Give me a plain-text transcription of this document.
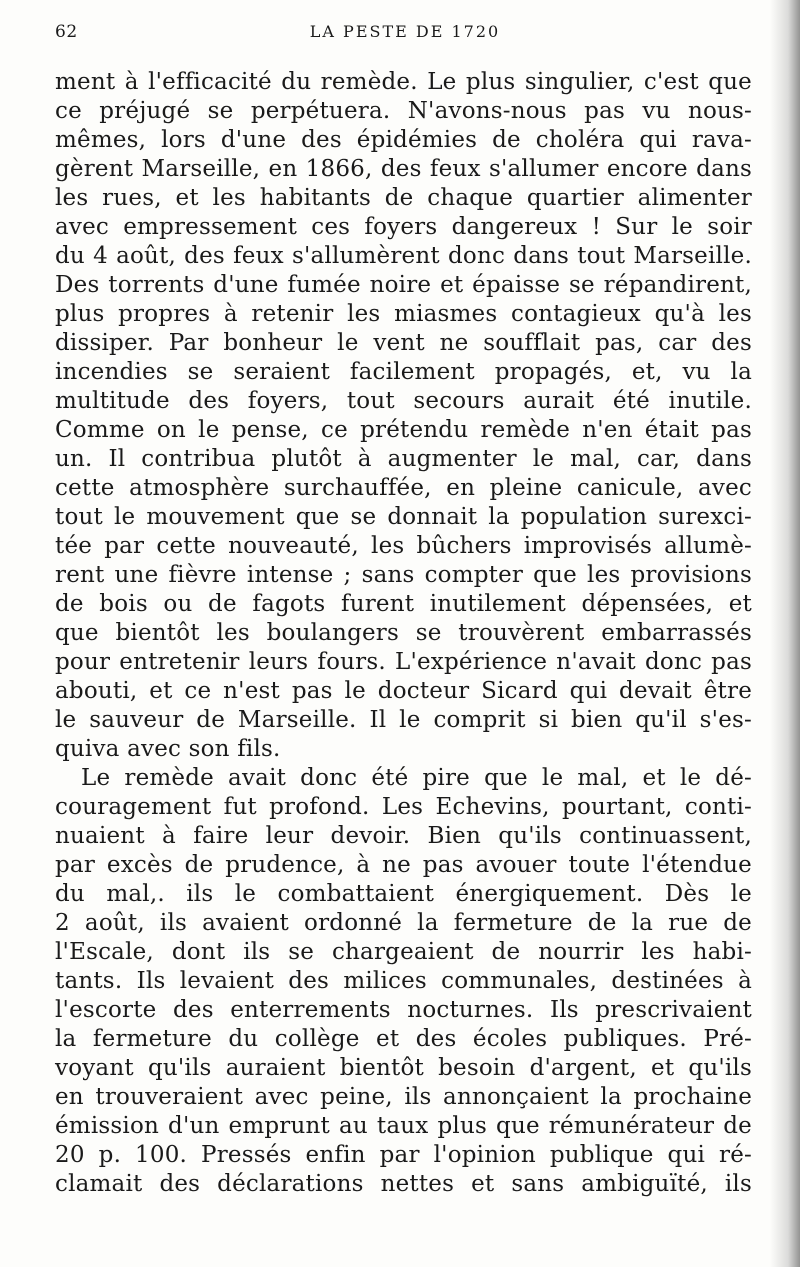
62	LA PESTE DE 1720
ment à l'efficacité du remède. Le plus singulier, c'est que
ce préjugé se perpétuera. N'avons-nous pas vu nous-
mêmes, lors d'une des épidémies de choléra qui rava-
gèrent Marseille, en 1866, des feux s'allumer encore dans
les rues, et les habitants de chaque quartier alimenter
avec empressement ces foyers dangereux ! Sur le soir
du 4 août, des feux s'allumèrent donc dans tout Marseille.
Des torrents d'une fumée noire et épaisse se répandirent,
plus propres à retenir les miasmes contagieux qu'à les
dissiper. Par bonheur le vent ne soufflait pas, car des
incendies se seraient facilement propagés, et, vu la
multitude des foyers, tout secours aurait été inutile.
Comme on le pense, ce prétendu remède n'en était pas
un. Il contribua plutôt à augmenter le mal, car, dans
cette atmosphère surchauffée, en pleine canicule, avec
tout le mouvement que se donnait la population surexci-
tée par cette nouveauté, les bûchers improvisés allumè-
rent une fièvre intense ; sans compter que les provisions
de bois ou de fagots furent inutilement dépensées, et
que bientôt les boulangers se trouvèrent embarrassés
pour entretenir leurs fours. L'expérience n'avait donc pas
abouti, et ce n'est pas le docteur Sicard qui devait être
le sauveur de Marseille. Il le comprit si bien qu'il s'es-
quiva avec son fils.
Le remède avait donc été pire que le mal, et le dé-
couragement fut profond. Les Echevins, pourtant, conti-
nuaient à faire leur devoir. Bien qu'ils continuassent,
par excès de prudence, à ne pas avouer toute l'étendue
du mal,. ils le combattaient énergiquement. Dès le
2 août, ils avaient ordonné la fermeture de la rue de
l'Escale, dont ils se chargeaient de nourrir les habi-
tants. Ils levaient des milices communales, destinées à
l'escorte des enterrements nocturnes. Ils prescrivaient
la fermeture du collège et des écoles publiques. Pré-
voyant qu'ils auraient bientôt besoin d'argent, et qu'ils
en trouveraient avec peine, ils annonçaient la prochaine
émission d'un emprunt au taux plus que rémunérateur de
20 p. 100. Pressés enfin par l'opinion publique qui ré-
clamait des déclarations nettes et sans ambiguïté, ils
